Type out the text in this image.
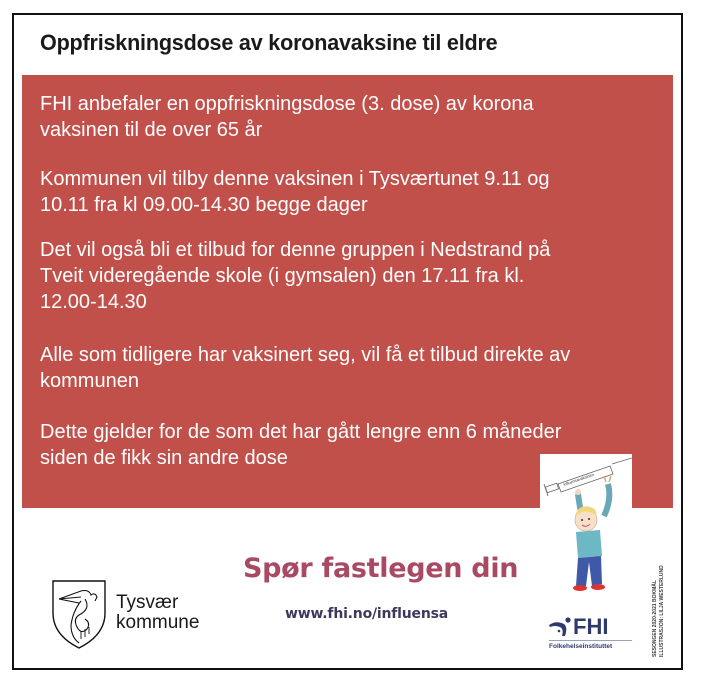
Oppfriskningsdose av koronavaksine til eldre
FHI anbefaler en oppfriskningsdose (3. dose) av korona
vaksinen til de over 65 år
Kommunen vil tilby denne vaksinen i Tysværtunet 9.11 og
10.11 fra kl 09.00-14.30 begge dager
Det vil også bli et tilbud for denne gruppen i Nedstrand på
Tveit videregående skole (i gymsalen) den 17.11 fra kl.
12.00-14.30
Alle som tidligere har vaksinert seg, vil få et tilbud direkte av
kommunen
Dette gjelder for de som det har gått lengre enn 6 måneder
siden de fikk sin andre dose
influensavaksinen
Tysvær
kommune
Spør fastlegen din
www.fhi.no/influensa	FHI
Folkehelseinstituttet	SESONGEN 2020-2021 BOKMÅL ILLUSTRASJON: LILJA WESTERLUND
